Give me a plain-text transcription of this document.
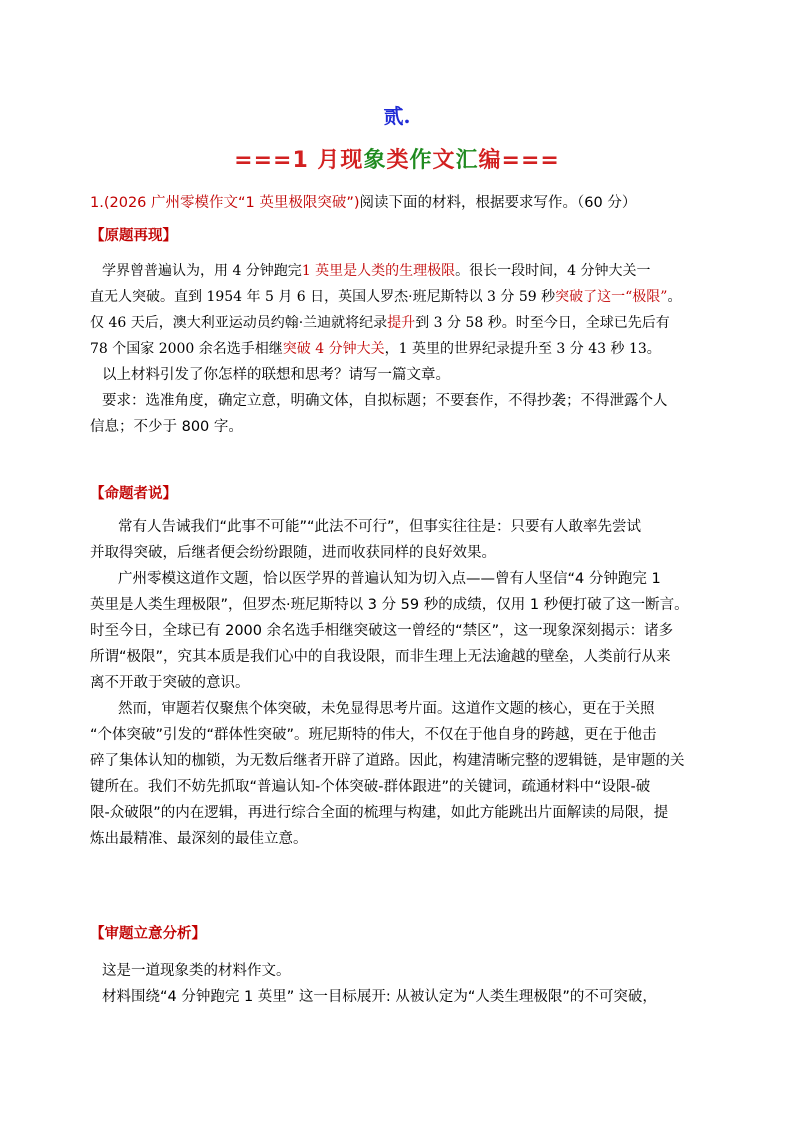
贰.
===1 月现象类作文汇编===
1.(2026 广州零模作文“1 英里极限突破”)阅读下面的材料，根据要求写作。（60 分）
【原题再现】
学界曾普遍认为，用 4 分钟跑完1 英里是人类的生理极限。很长一段时间，4 分钟大关一
直无人突破。直到 1954 年 5 月 6 日，英国人罗杰·班尼斯特以 3 分 59 秒突破了这一“极限”。
仅 46 天后，澳大利亚运动员约翰·兰迪就将纪录提升到 3 分 58 秒。时至今日，全球已先后有
78 个国家 2000 余名选手相继突破 4 分钟大关，1 英里的世界纪录提升至 3 分 43 秒 13。
以上材料引发了你怎样的联想和思考？请写一篇文章。
要求：选准角度，确定立意，明确文体，自拟标题；不要套作，不得抄袭；不得泄露个人
信息；不少于 800 字。
【命题者说】
常有人告诫我们“此事不可能”“此法不可行”，但事实往往是：只要有人敢率先尝试
并取得突破，后继者便会纷纷跟随，进而收获同样的良好效果。
广州零模这道作文题，恰以医学界的普遍认知为切入点——曾有人坚信“4 分钟跑完 1
英里是人类生理极限”，但罗杰·班尼斯特以 3 分 59 秒的成绩，仅用 1 秒便打破了这一断言。
时至今日，全球已有 2000 余名选手相继突破这一曾经的“禁区”，这一现象深刻揭示：诸多
所谓“极限”，究其本质是我们心中的自我设限，而非生理上无法逾越的壁垒，人类前行从来
离不开敢于突破的意识。
然而，审题若仅聚焦个体突破，未免显得思考片面。这道作文题的核心，更在于关照
“个体突破”引发的“群体性突破”。班尼斯特的伟大，不仅在于他自身的跨越，更在于他击
碎了集体认知的枷锁，为无数后继者开辟了道路。因此，构建清晰完整的逻辑链，是审题的关
键所在。我们不妨先抓取“普遍认知-个体突破-群体跟进”的关键词，疏通材料中“设限-破
限-众破限”的内在逻辑，再进行综合全面的梳理与构建，如此方能跳出片面解读的局限，提
炼出最精准、最深刻的最佳立意。
【审题立意分析】
这是一道现象类的材料作文。
材料围绕“4 分钟跑完 1 英里” 这一目标展开: 从被认定为“人类生理极限”的不可突破，
